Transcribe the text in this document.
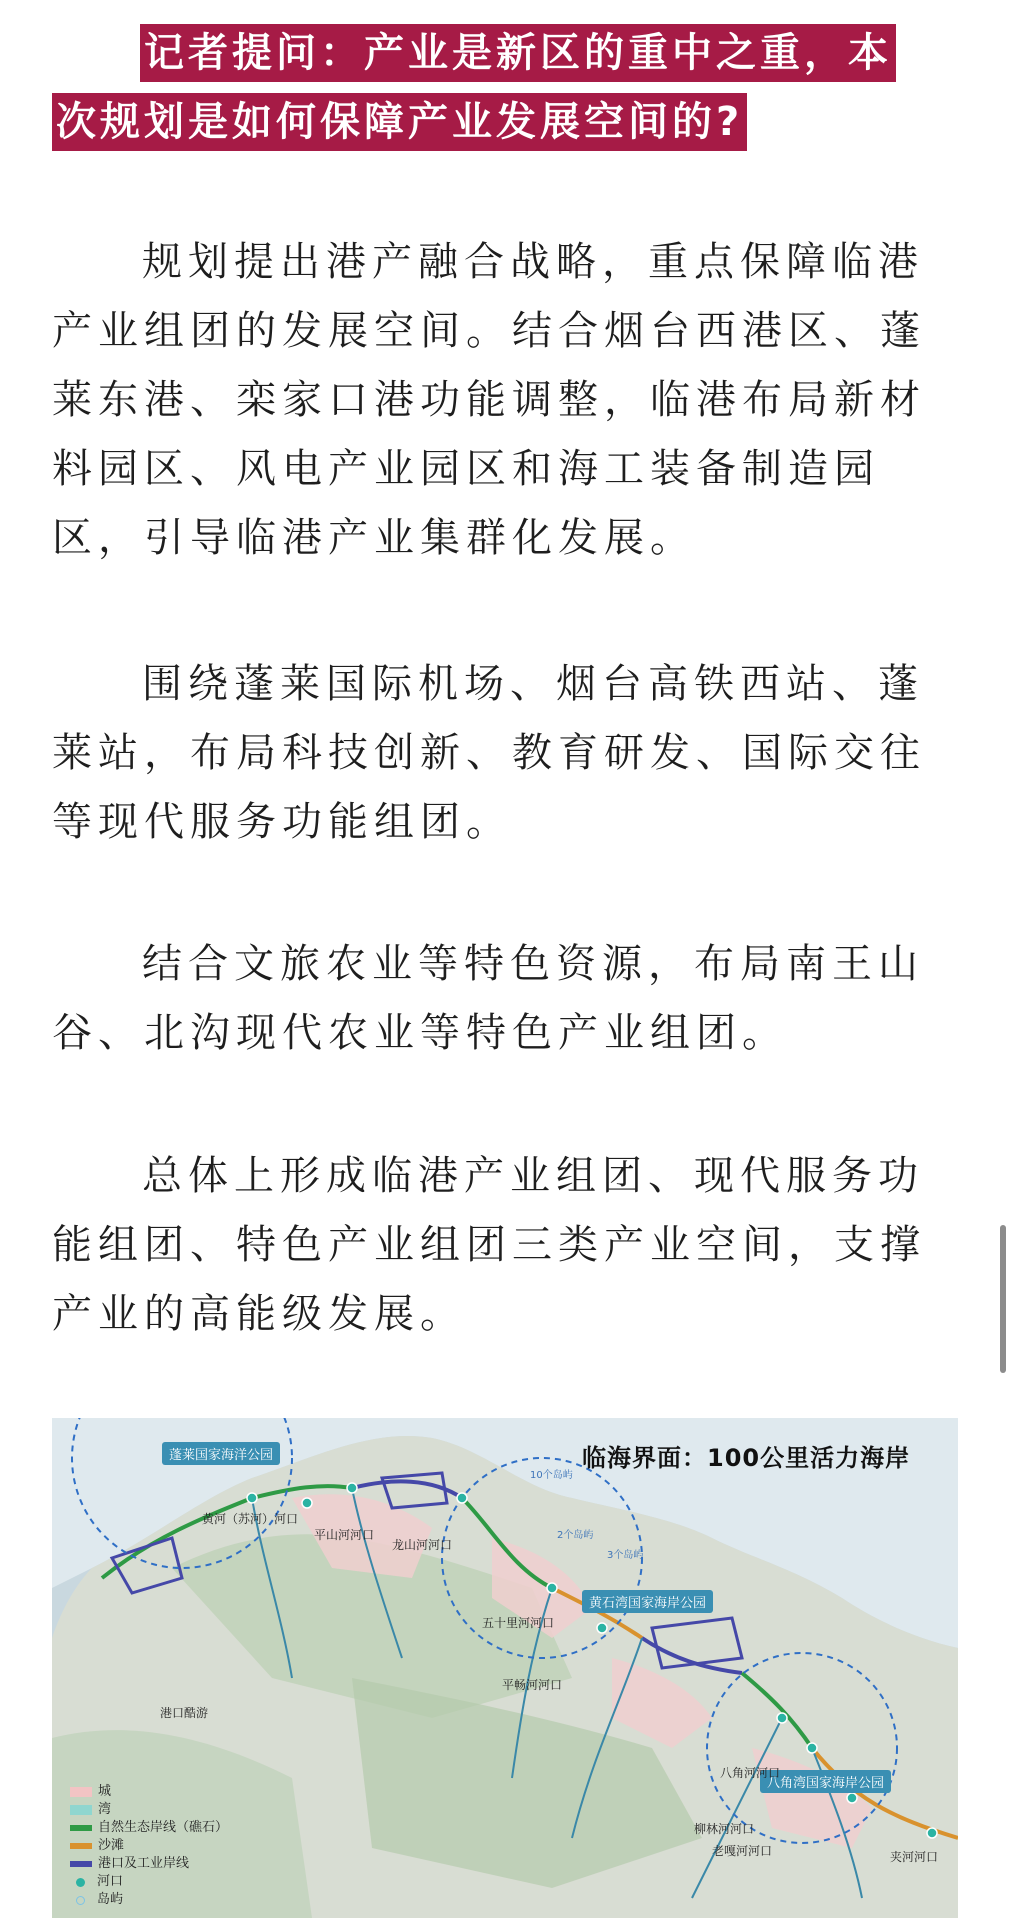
记者提问：产业是新区的重中之重，本
次规划是如何保障产业发展空间的?

规划提出港产融合战略，重点保障临港产业组团的发展空间。结合烟台西港区、蓬莱东港、栾家口港功能调整，临港布局新材料园区、风电产业园区和海工装备制造园区，引导临港产业集群化发展。

围绕蓬莱国际机场、烟台高铁西站、蓬莱站，布局科技创新、教育研发、国际交往等现代服务功能组团。

结合文旅农业等特色资源，布局南王山谷、北沟现代农业等特色产业组团。

总体上形成临港产业组团、现代服务功能组团、特色产业组团三类产业空间，支撑产业的高能级发展。

临海界面：100公里活力海岸
蓬莱国家海洋公园
黄石湾国家海岸公园
八角湾国家海岸公园
10个岛屿
2个岛屿
3个岛屿
黄河（苏河）河口
平山河河口
龙山河河口
五十里河河口
平畅河河口
八角河河口
柳林河河口
老嘎河河口	夹河河口
港口酷游
城
湾
自然生态岸线（礁石）
沙滩
港口及工业岸线
河口
岛屿
